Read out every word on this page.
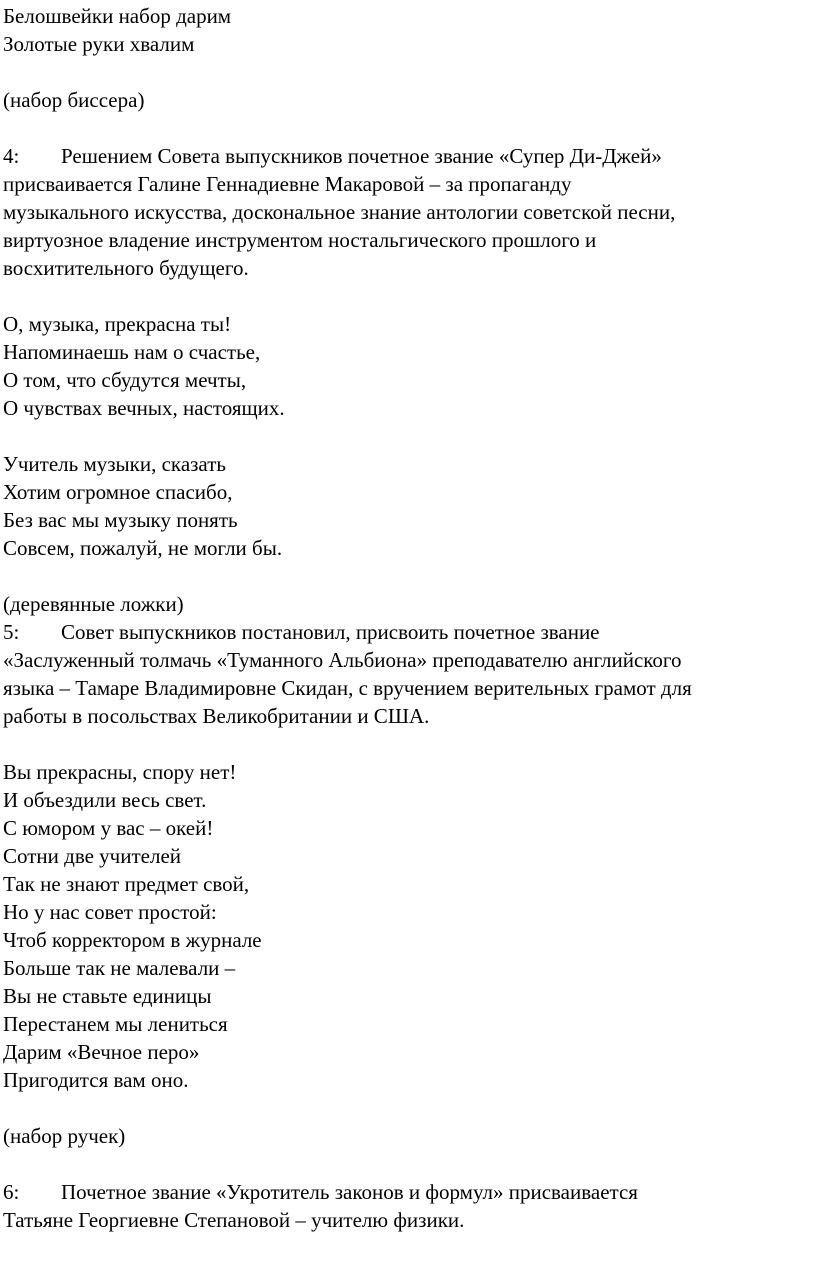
Белошвейки набор дарим
Золотые руки хвалим
(набор биссера)
4: Решением Совета выпускников почетное звание «Супер Ди-Джей»
присваивается Галине Геннадиевне Макаровой – за пропаганду
музыкального искусства, доскональное знание антологии советской песни,
виртуозное владение инструментом ностальгического прошлого и
восхитительного будущего.
О, музыка, прекрасна ты!
Напоминаешь нам о счастье,
О том, что сбудутся мечты,
О чувствах вечных, настоящих.
Учитель музыки, сказать
Хотим огромное спасибо,
Без вас мы музыку понять
Совсем, пожалуй, не могли бы.
(деревянные ложки)
5: Совет выпускников постановил, присвоить почетное звание
«Заслуженный толмачь «Туманного Альбиона» преподавателю английского
языка – Тамаре Владимировне Скидан, с вручением верительных грамот для
работы в посольствах Великобритании и США.
Вы прекрасны, спору нет!
И объездили весь свет.
С юмором у вас – окей!
Сотни две учителей
Так не знают предмет свой,
Но у нас совет простой:
Чтоб корректором в журнале
Больше так не малевали –
Вы не ставьте единицы
Перестанем мы лениться
Дарим «Вечное перо»
Пригодится вам оно.
(набор ручек)
6: Почетное звание «Укротитель законов и формул» присваивается
Татьяне Георгиевне Степановой – учителю физики.
